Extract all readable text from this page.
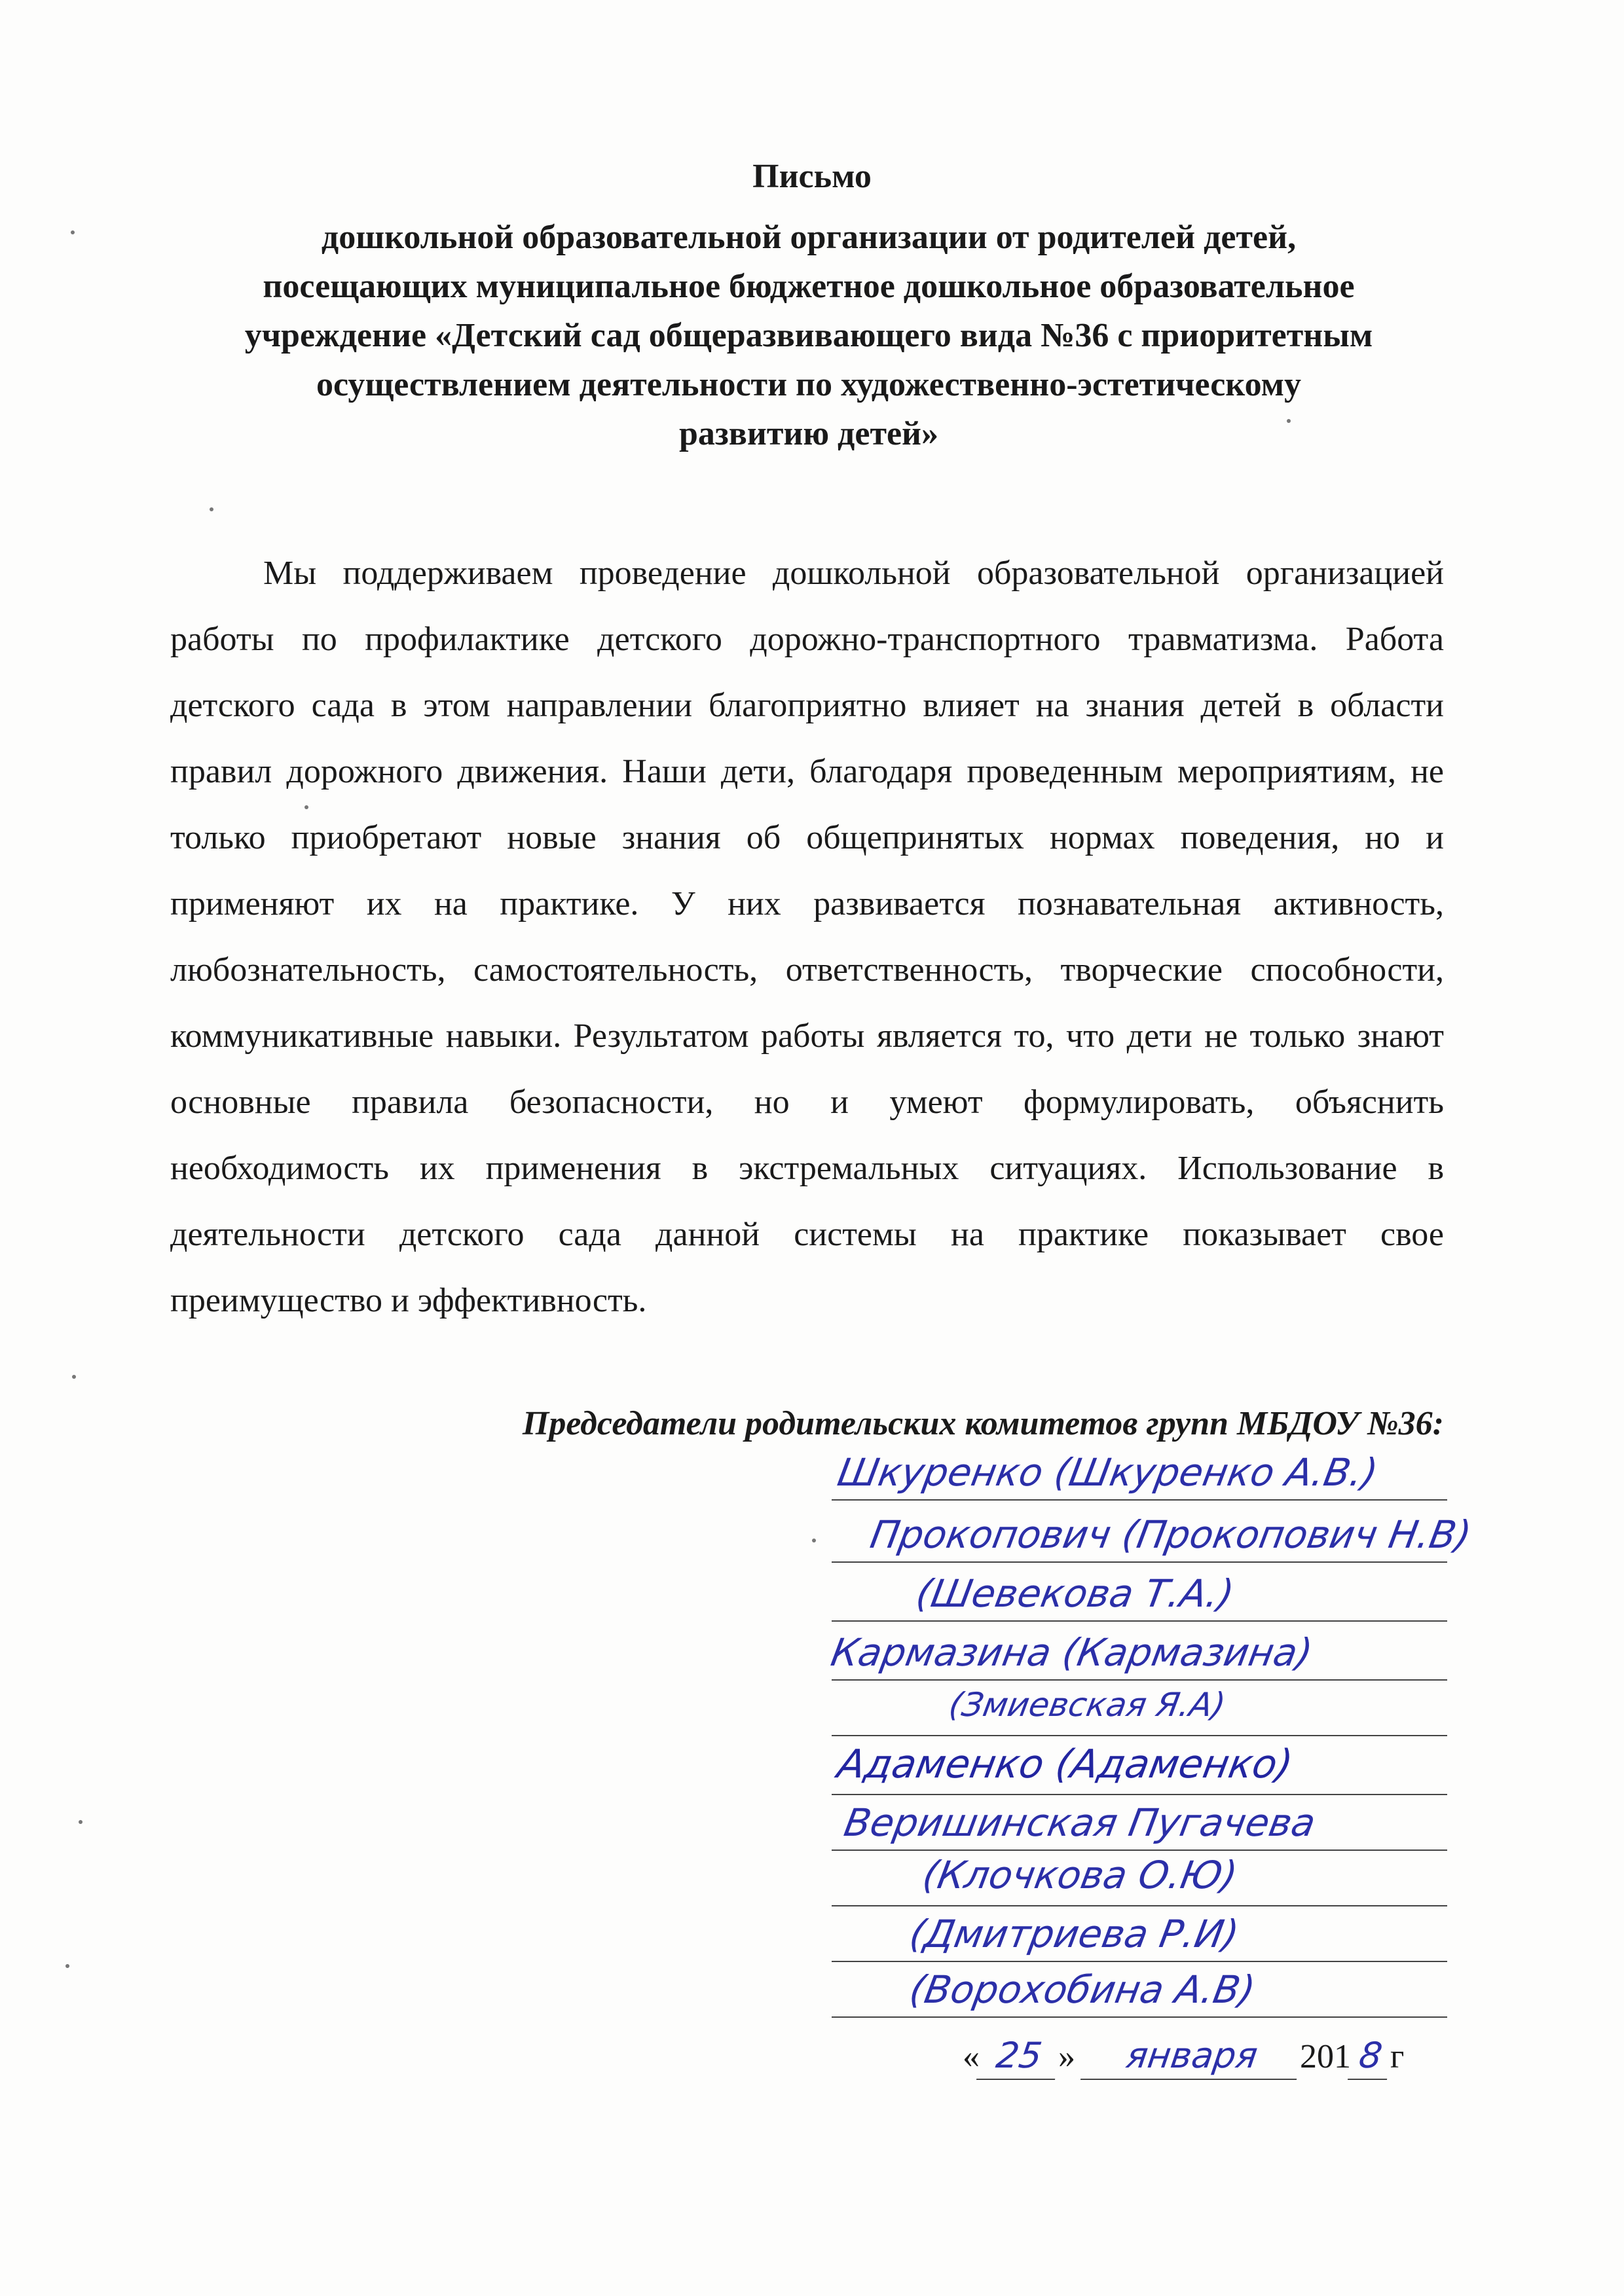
Письмо
дошкольной образовательной организации от родителей детей,
посещающих муниципальное бюджетное дошкольное образовательное
учреждение «Детский сад общеразвивающего вида №36 с приоритетным
осуществлением деятельности по художественно-эстетическому
развитию детей»

Мы поддерживаем проведение дошкольной образовательной организацией работы по профилактике детского дорожно-транспортного травматизма. Работа детского сада в этом направлении благоприятно влияет на знания детей в области правил дорожного движения. Наши дети, благодаря проведенным мероприятиям, не только приобретают новые знания об общепринятых нормах поведения, но и применяют их на практике. У них развивается познавательная активность, любознательность, самостоятельность, ответственность, творческие способности, коммуникативные навыки. Результатом работы является то, что дети не только знают основные правила безопасности, но и умеют формулировать, объяснить необходимость их применения в экстремальных ситуациях. Использование в деятельности детского сада данной системы на практике показывает свое преимущество и эффективность.

Председатели родительских комитетов групп МБДОУ №36:
Шкуренко (Шкуренко А.В.)
Прокопович (Прокопович Н.В)
(Шевекова Т.А.)
Кармазина (Кармазина)
(Змиевская Я.А)
Адаменко (Адаменко)
Веришинская Пугачева
(Клочкова О.Ю)
(Дмитриева Р.И)
(Ворохобина А.В)
« 25 » января 201 8 г
